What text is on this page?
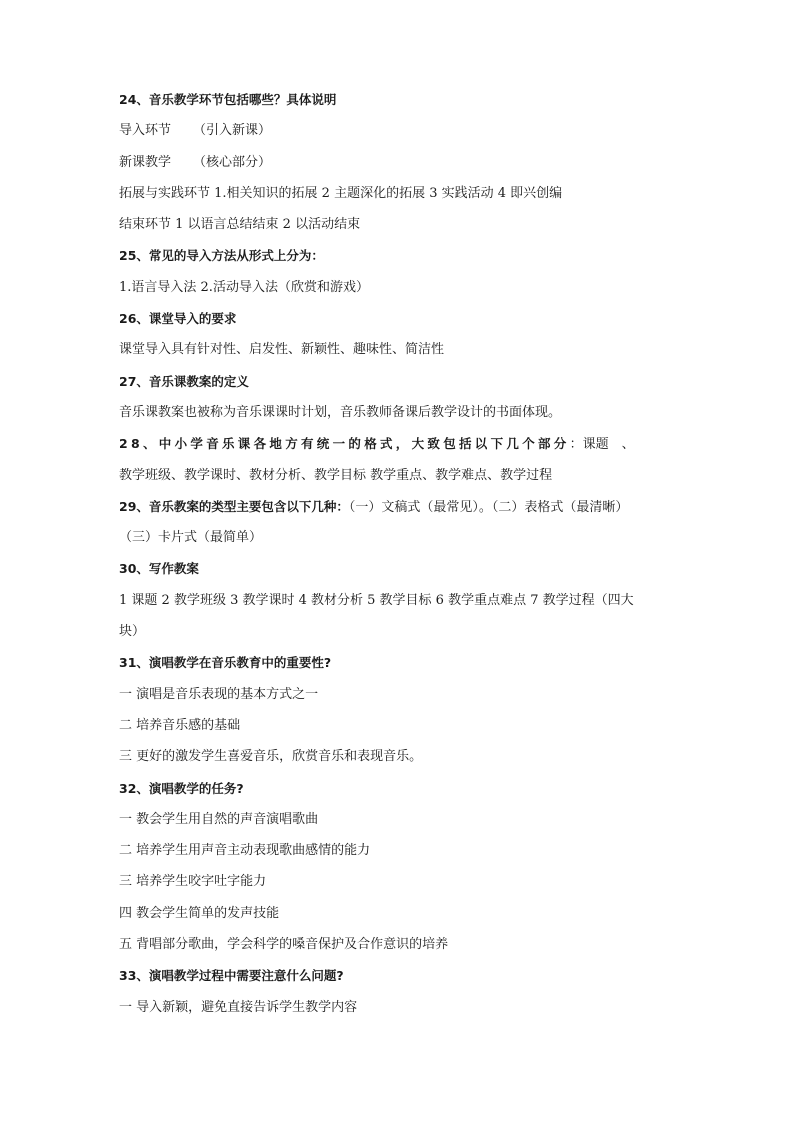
24、音乐教学环节包括哪些？具体说明
导入环节 （引入新课）
新课教学 （核心部分）
拓展与实践环节 1.相关知识的拓展 2 主题深化的拓展 3 实践活动 4 即兴创编
结束环节 1 以语言总结结束 2 以活动结束
25、常见的导入方法从形式上分为：
1.语言导入法 2.活动导入法（欣赏和游戏）
26、课堂导入的要求
课堂导入具有针对性、启发性、新颖性、趣味性、简洁性
27、音乐课教案的定义
音乐课教案也被称为音乐课课时计划，音乐教师备课后教学设计的书面体现。
28、中小学音乐课各地方有统一的格式，大致包括以下几个部分：课题　、
教学班级、教学课时、教材分析、教学目标 教学重点、教学难点、教学过程
29、音乐教案的类型主要包含以下几种：（一）文稿式（最常见）。（二）表格式（最清晰）
（三）卡片式（最简单）
30、写作教案
1 课题 2 教学班级 3 教学课时 4 教材分析 5 教学目标 6 教学重点难点 7 教学过程（四大
块）
31、演唱教学在音乐教育中的重要性?
一 演唱是音乐表现的基本方式之一
二 培养音乐感的基础
三 更好的激发学生喜爱音乐，欣赏音乐和表现音乐。
32、演唱教学的任务?
一 教会学生用自然的声音演唱歌曲
二 培养学生用声音主动表现歌曲感情的能力
三 培养学生咬字吐字能力
四 教会学生简单的发声技能
五 背唱部分歌曲，学会科学的嗓音保护及合作意识的培养
33、演唱教学过程中需要注意什么问题?
一 导入新颖，避免直接告诉学生教学内容
